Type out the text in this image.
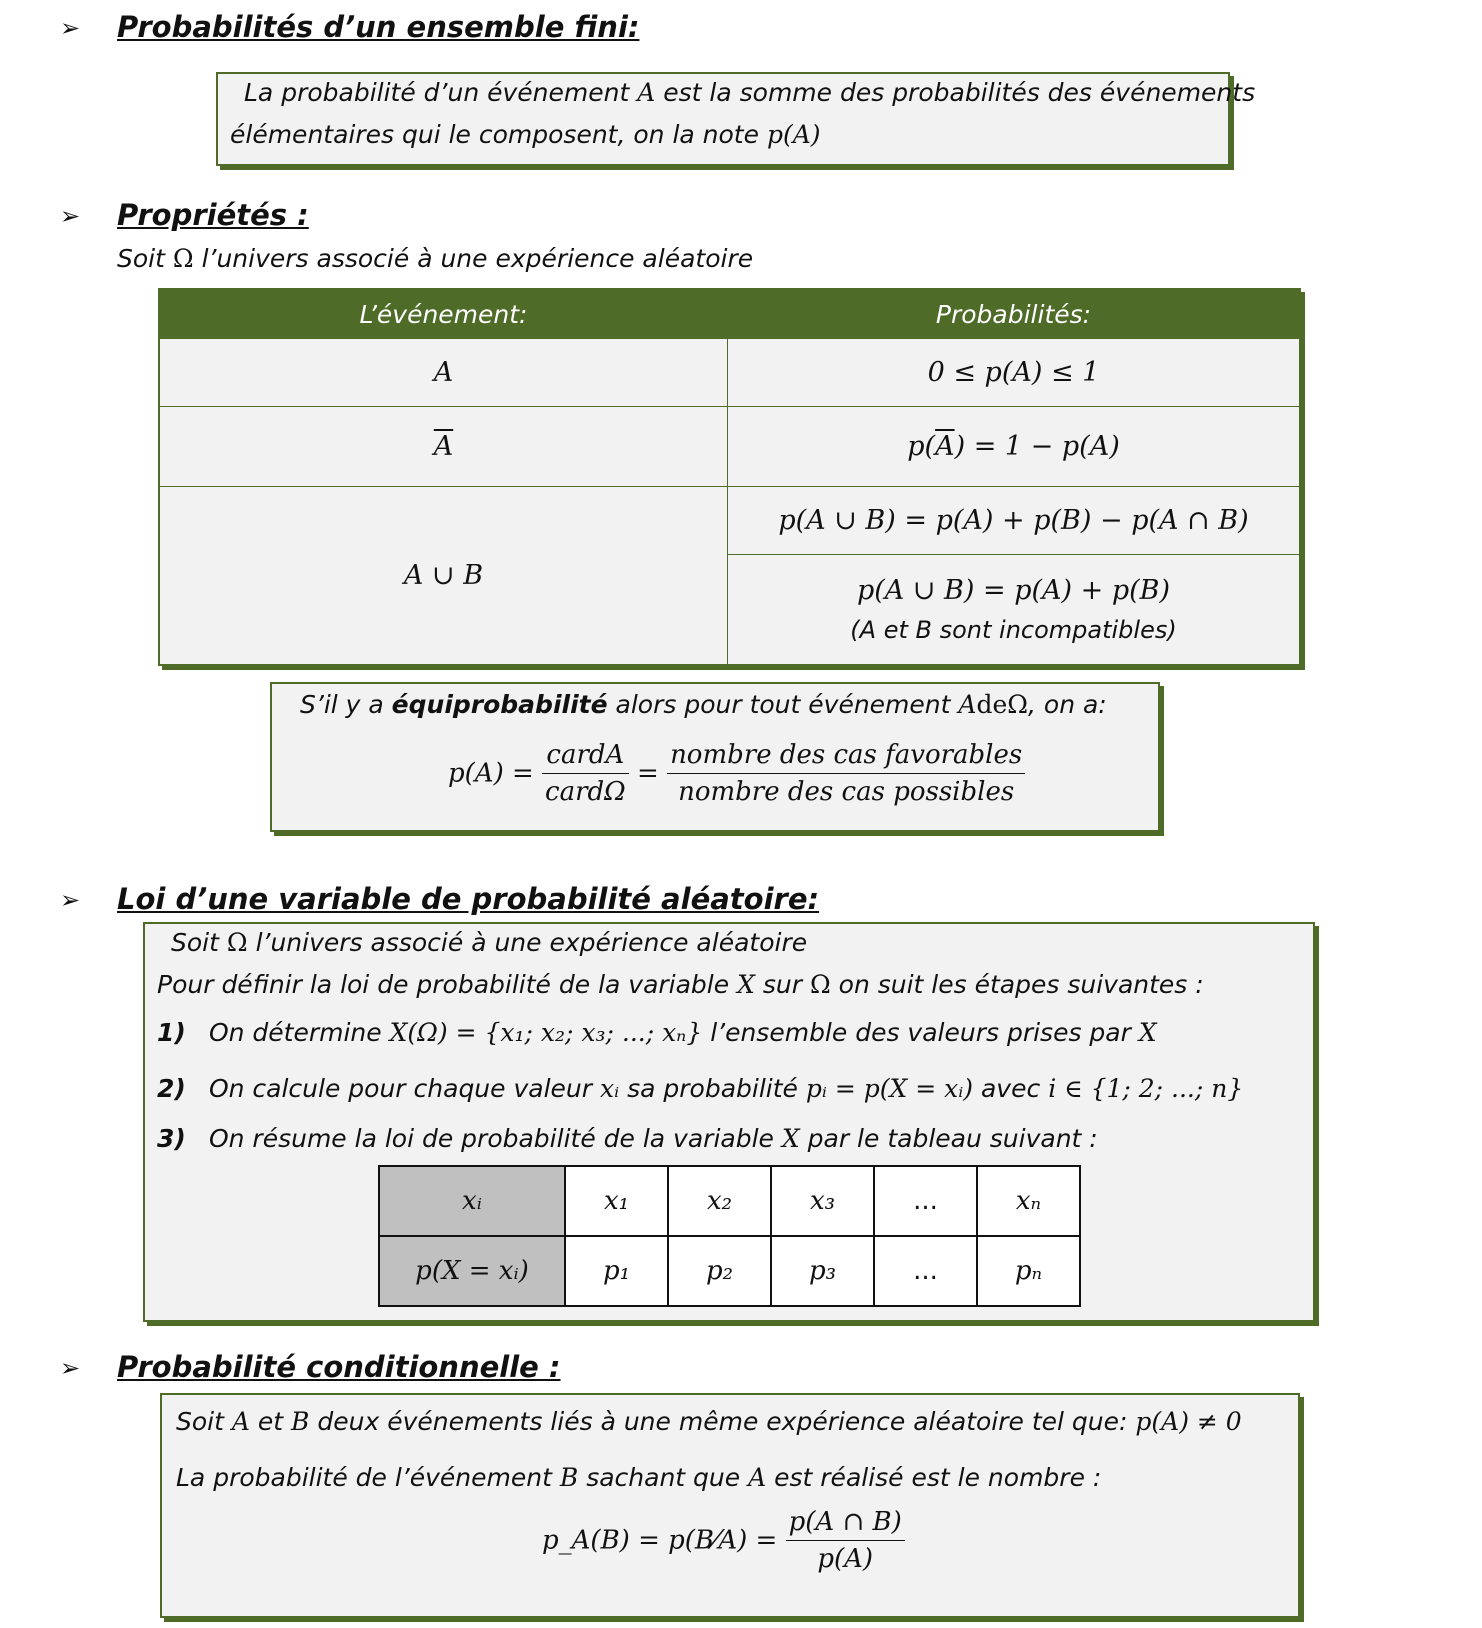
➢ Probabilités d’un ensemble fini:
La probabilité d’un événement A est la somme des probabilités des événements
élémentaires qui le composent, on la note p(A)
➢ Propriétés :
Soit Ω l’univers associé à une expérience aléatoire
L’événement:	Probabilités:
A	0 ≤ p(A) ≤ 1
$\overline{A}$	$p(\overline{A}) = 1 - p(A)$
A ∪ B	p(A ∪ B) = p(A) + p(B) − p(A ∩ B)

	p(A ∪ B) = p(A) + p(B)
(A et B sont incompatibles)
S’il y a équiprobabilité alors pour tout événement AdeΩ, on a:
$p(A) = \frac{\text{cardA}}{\text{cardΩ}} = \frac{\text{nombre des cas favorables}}{\text{nombre des cas possibles}}$
➢ Loi d’une variable de probabilité aléatoire:
Soit Ω l’univers associé à une expérience aléatoire
Pour définir la loi de probabilité de la variable X sur Ω on suit les étapes suivantes :
1) On détermine X(Ω) = {x₁; x₂; x₃; ...; xₙ} l’ensemble des valeurs prises par X
2) On calcule pour chaque valeur xᵢ sa probabilité pᵢ = p(X = xᵢ) avec i ∈ {1; 2; ...; n}
3) On résume la loi de probabilité de la variable X par le tableau suivant :
xᵢ	x₁	x₂	x₃	...	xₙ
p(X = xᵢ)	p₁	p₂	p₃	...	pₙ
➢ Probabilité conditionnelle :
Soit A et B deux événements liés à une même expérience aléatoire tel que: p(A) ≠ 0
La probabilité de l’événement B sachant que A est réalisé est le nombre :
p_A(B) = p(B⁄A) = $\frac{p(A \cap B)}{p(A)}$
